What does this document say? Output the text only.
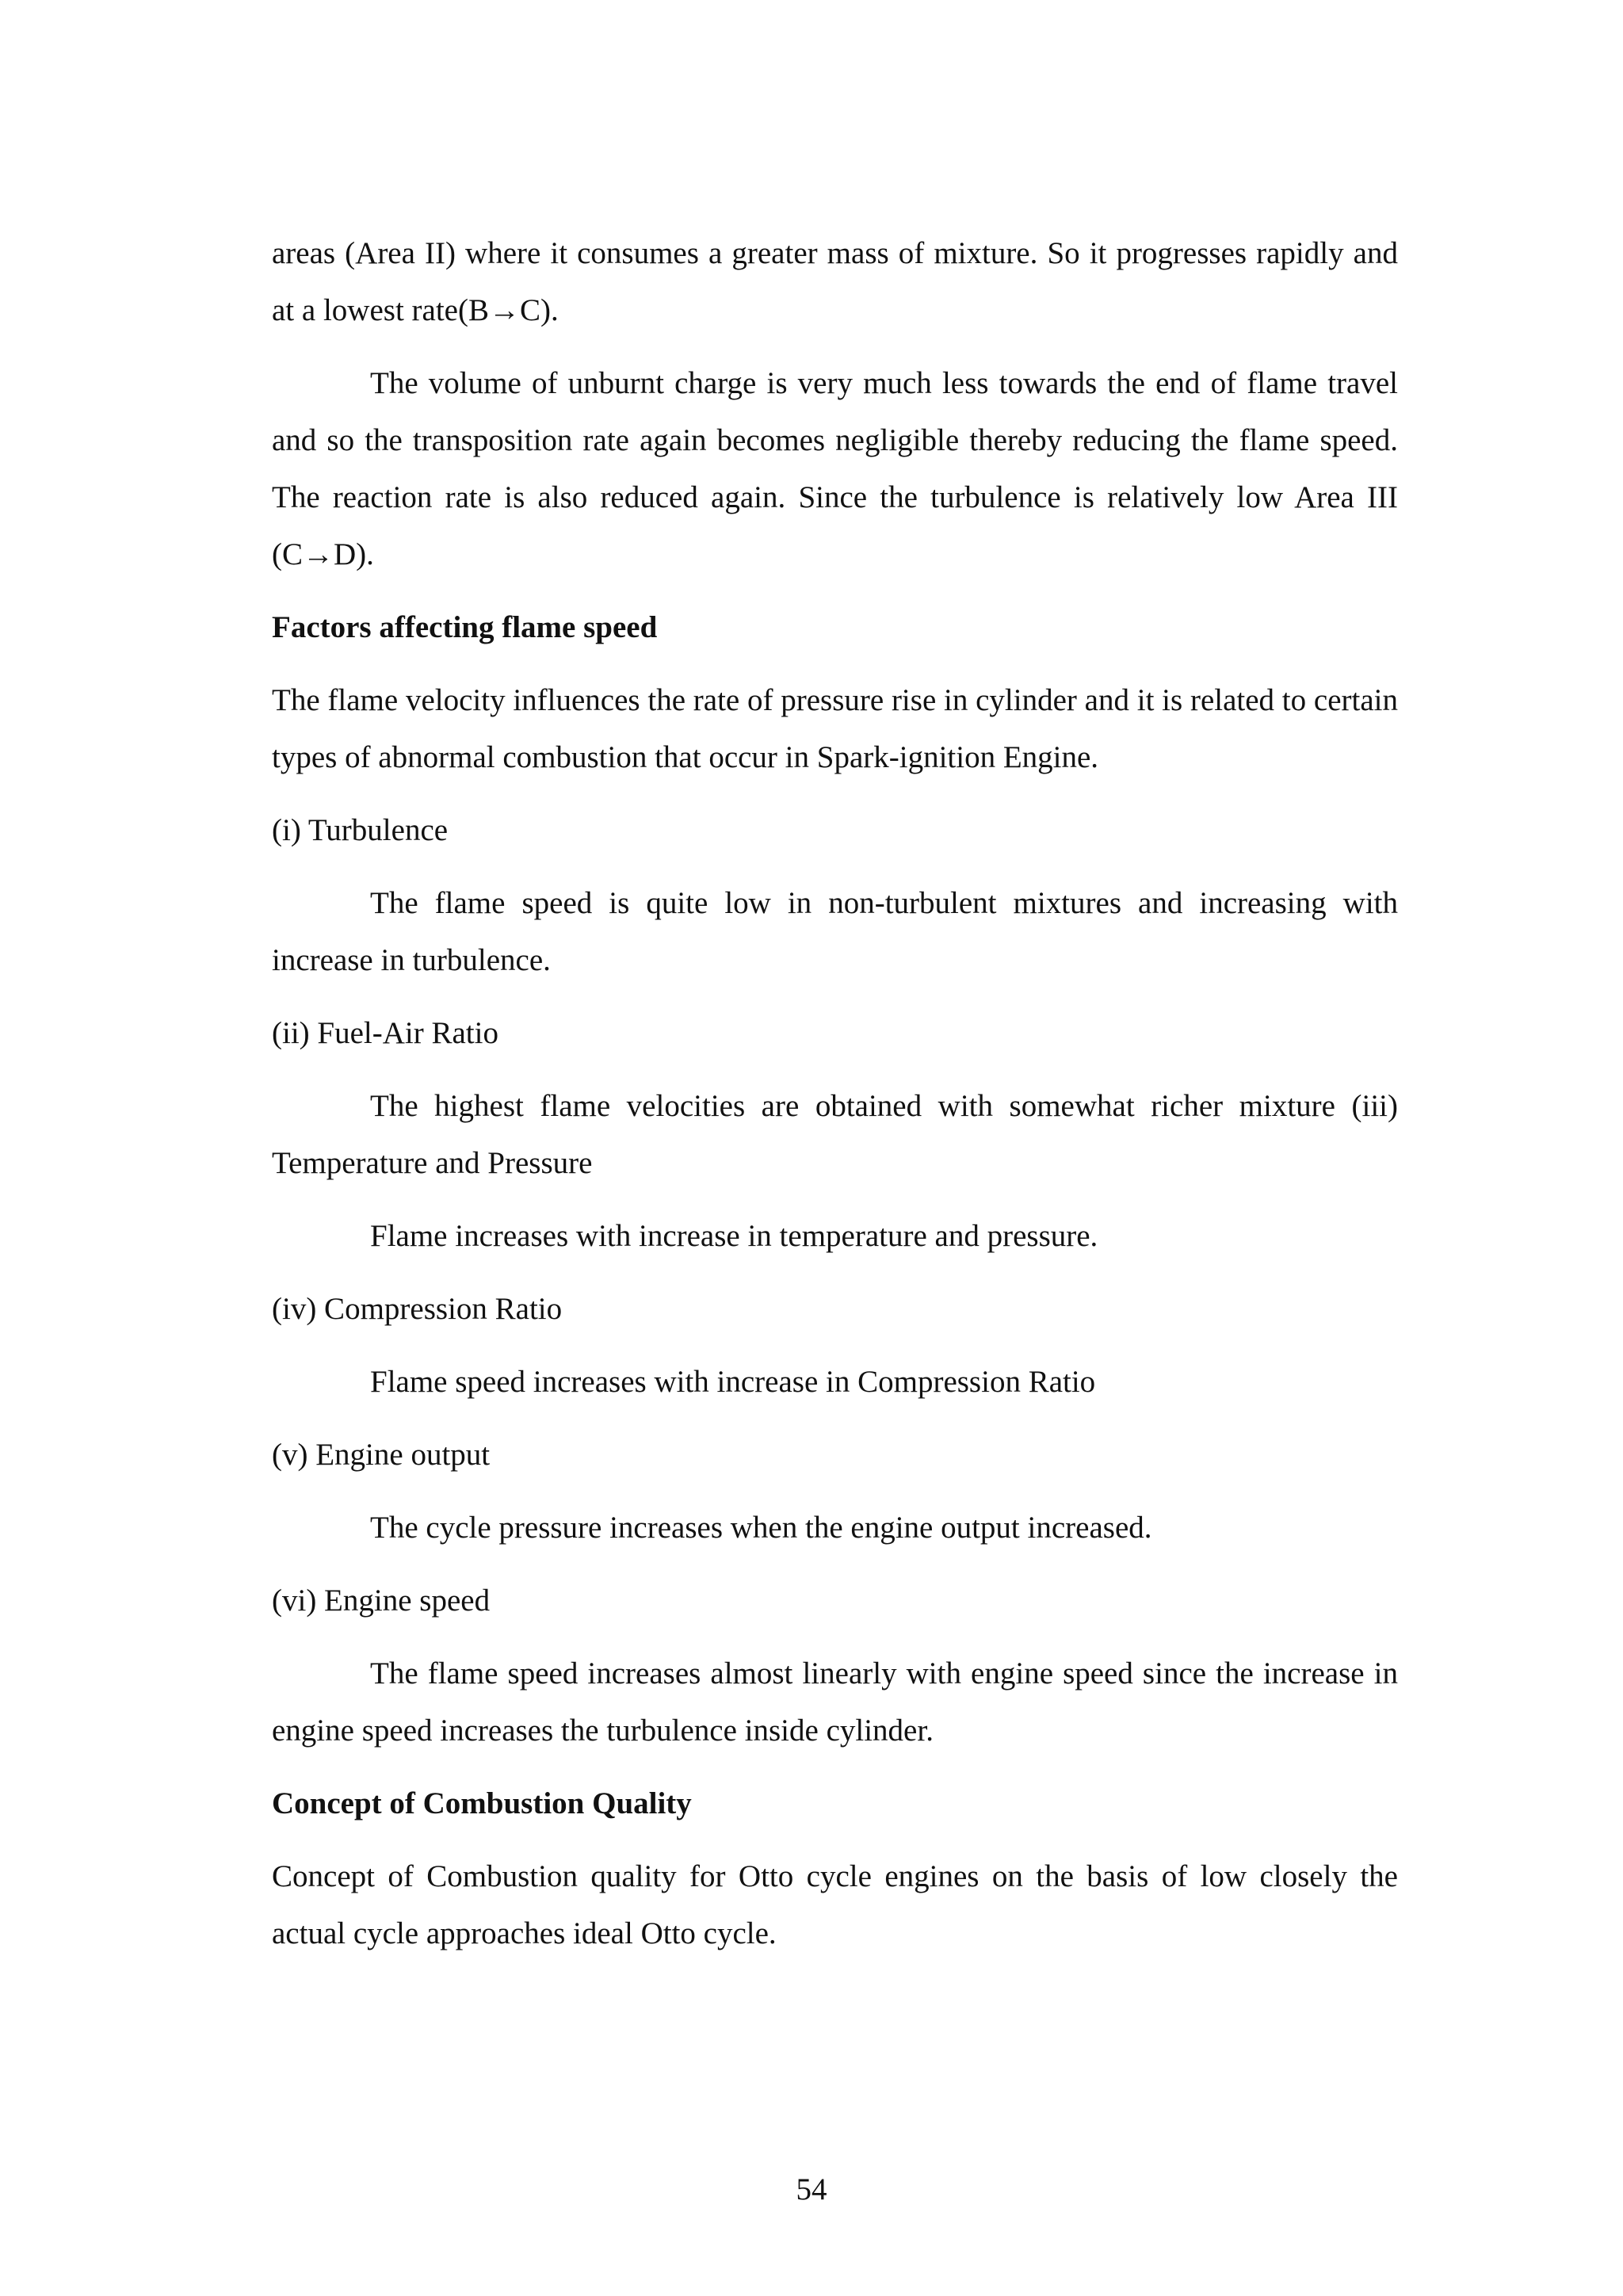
areas (Area II) where it consumes a greater mass of mixture. So it progresses rapidly and at a lowest rate(B→C).

The volume of unburnt charge is very much less towards the end of flame travel and so the transposition rate again becomes negligible thereby reducing the flame speed. The reaction rate is also reduced again. Since the turbulence is relatively low Area III (C→D).

Factors affecting flame speed

The flame velocity influences the rate of pressure rise in cylinder and it is related to certain types of abnormal combustion that occur in Spark-ignition Engine.

(i) Turbulence

The flame speed is quite low in non-turbulent mixtures and increasing with increase in turbulence.

(ii) Fuel-Air Ratio

The highest flame velocities are obtained with somewhat richer mixture (iii) Temperature and Pressure

Flame increases with increase in temperature and pressure.

(iv) Compression Ratio

Flame speed increases with increase in Compression Ratio

(v) Engine output

The cycle pressure increases when the engine output increased.

(vi) Engine speed

The flame speed increases almost linearly with engine speed since the increase in engine speed increases the turbulence inside cylinder.

Concept of Combustion Quality

Concept of Combustion quality for Otto cycle engines on the basis of low closely the actual cycle approaches ideal Otto cycle.

54
